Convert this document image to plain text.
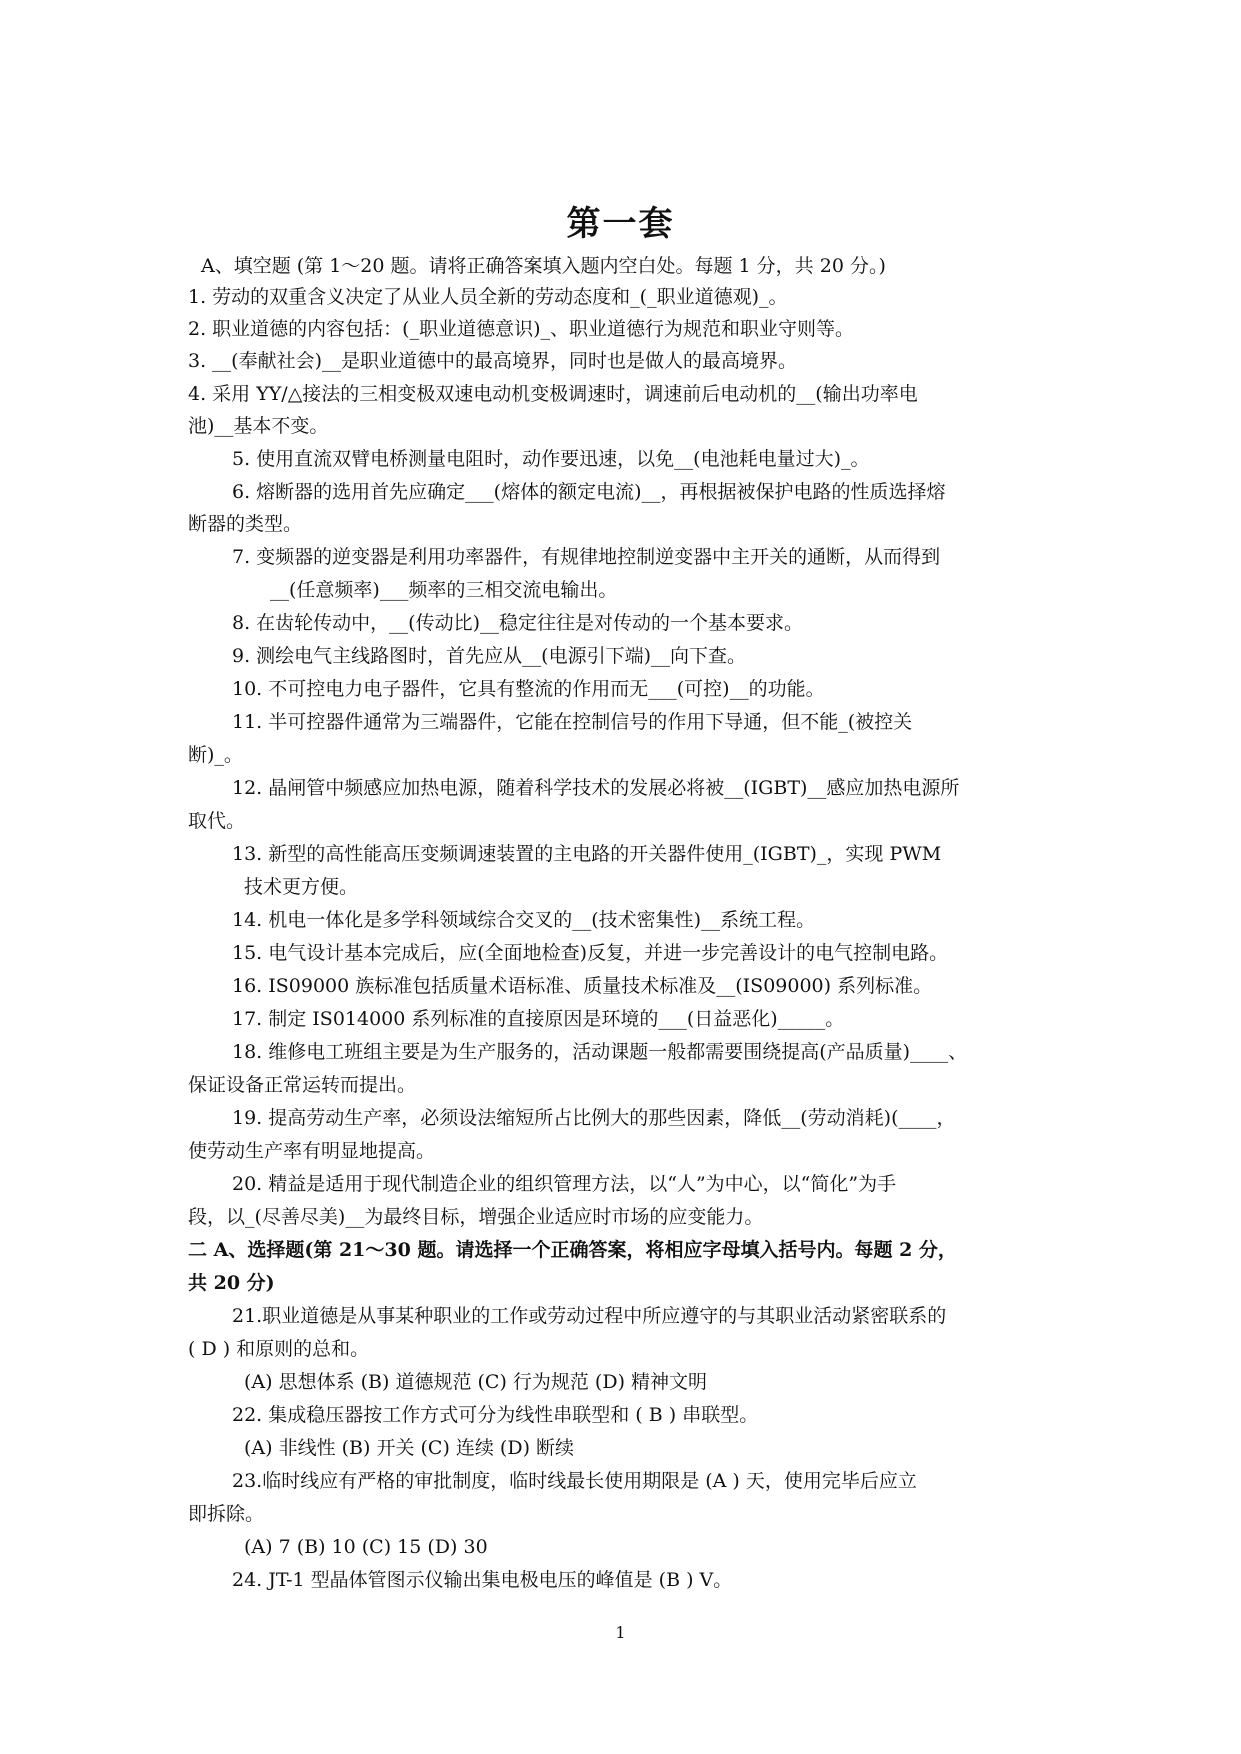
第一套
A、填空题 (第 1～20 题。请将正确答案填入题内空白处。每题 1 分，共 20 分。)
1. 劳动的双重含义决定了从业人员全新的劳动态度和_(_职业道德观)_。
2. 职业道德的内容包括：(_职业道德意识)_、职业道德行为规范和职业守则等。
3. __(奉献社会)__是职业道德中的最高境界，同时也是做人的最高境界。
4. 采用 YY/△接法的三相变极双速电动机变极调速时，调速前后电动机的__(输出功率电
池)__基本不变。
5. 使用直流双臂电桥测量电阻时，动作要迅速，以免__(电池耗电量过大)_。
6. 熔断器的选用首先应确定___(熔体的额定电流)__，再根据被保护电路的性质选择熔
断器的类型。
7. 变频器的逆变器是利用功率器件，有规律地控制逆变器中主开关的通断，从而得到
__(任意频率)___频率的三相交流电输出。
8. 在齿轮传动中，__(传动比)__稳定往往是对传动的一个基本要求。
9. 测绘电气主线路图时，首先应从__(电源引下端)__向下查。
10. 不可控电力电子器件，它具有整流的作用而无___(可控)__的功能。
11. 半可控器件通常为三端器件，它能在控制信号的作用下导通，但不能_(被控关
断)_。
12. 晶闸管中频感应加热电源，随着科学技术的发展必将被__(IGBT)__感应加热电源所
取代。
13. 新型的高性能高压变频调速装置的主电路的开关器件使用_(IGBT)_，实现 PWM
技术更方便。
14. 机电一体化是多学科领域综合交叉的__(技术密集性)__系统工程。
15. 电气设计基本完成后，应(全面地检查)反复，并进一步完善设计的电气控制电路。
16. IS09000 族标准包括质量术语标准、质量技术标准及__(IS09000) 系列标准。
17. 制定 IS014000 系列标准的直接原因是环境的___(日益恶化)_____。
18. 维修电工班组主要是为生产服务的，活动课题一般都需要围绕提高(产品质量)____、
保证设备正常运转而提出。
19. 提高劳动生产率，必须设法缩短所占比例大的那些因素，降低__(劳动消耗)(____，
使劳动生产率有明显地提高。
20. 精益是适用于现代制造企业的组织管理方法，以“人”为中心，以“简化”为手
段，以_(尽善尽美)__为最终目标，增强企业适应时市场的应变能力。
二 A、选择题(第 21～30 题。请选择一个正确答案，将相应字母填入括号内。每题 2 分，
共 20 分)
21.职业道德是从事某种职业的工作或劳动过程中所应遵守的与其职业活动紧密联系的
( D ) 和原则的总和。
(A) 思想体系 (B) 道德规范 (C) 行为规范 (D) 精神文明
22. 集成稳压器按工作方式可分为线性串联型和 ( B ) 串联型。
(A) 非线性 (B) 开关 (C) 连续 (D) 断续
23.临时线应有严格的审批制度，临时线最长使用期限是 (A ) 天，使用完毕后应立
即拆除。
(A) 7 (B) 10 (C) 15 (D) 30
24. JT-1 型晶体管图示仪输出集电极电压的峰值是 (B ) V。
1
